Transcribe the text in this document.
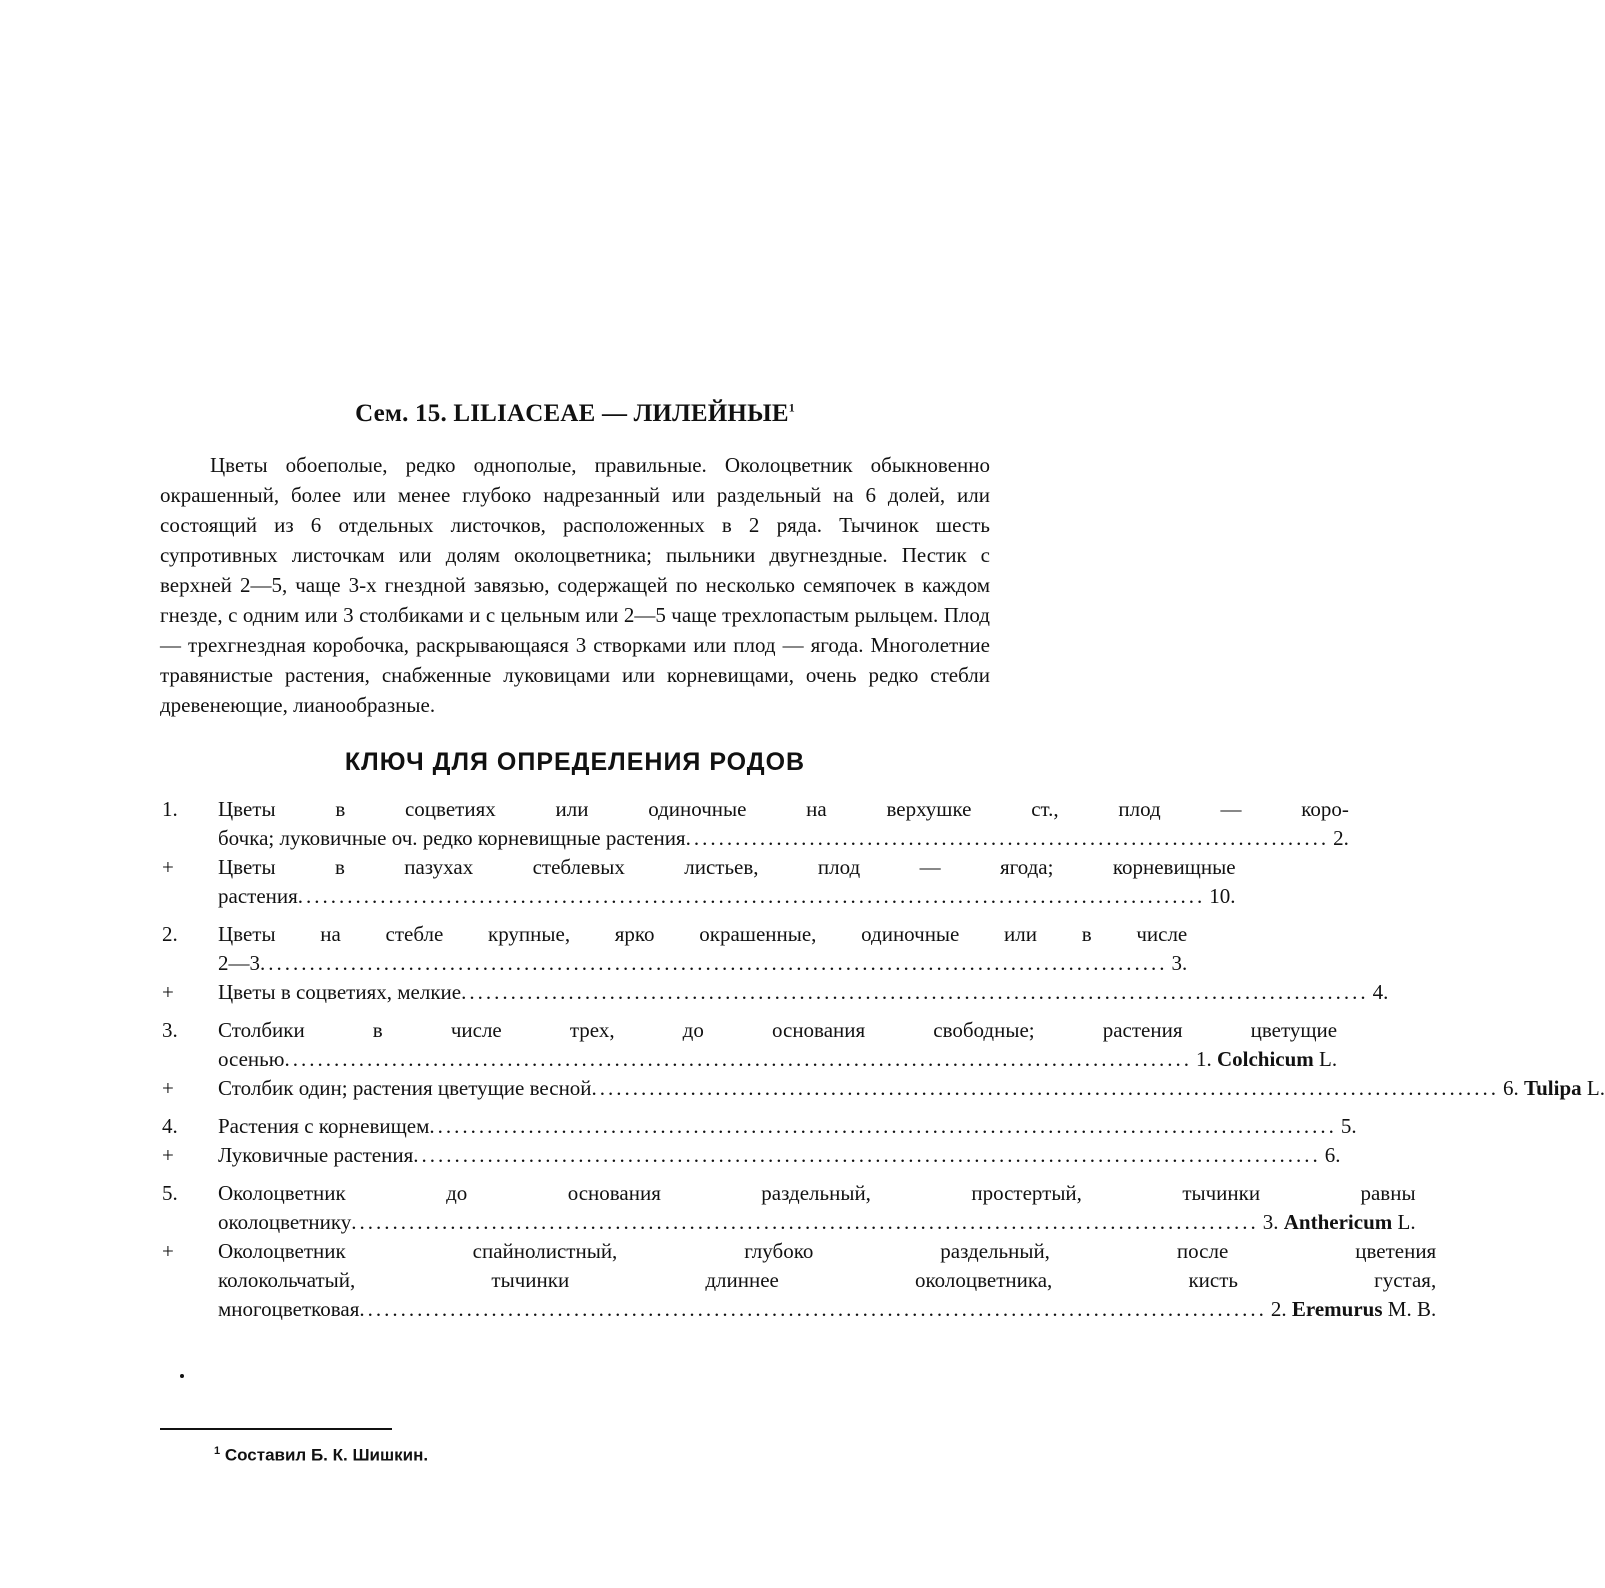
Сем. 15. LILIACEAE — ЛИЛЕЙНЫЕ$^1$

Цветы обоеполые, редко однополые, правильные. Околоцветник обыкновенно окрашенный, более или менее глубоко надрезанный или раздельный на 6 долей, или состоящий из 6 отдельных листочков, расположенных в 2 ряда. Тычинок шесть супротивных листочкам или долям околоцветника; пыльники двугнездные. Пестик с верхней 2—5, чаще 3-х гнездной завязью, содержащей по несколько семяпочек в каждом гнезде, с одним или 3 столбиками и с цельным или 2—5 чаще трехлопастым рыльцем. Плод — трехгнездная коробочка, раскрывающаяся 3 створками или плод — ягода. Многолетние травянистые растения, снабженные луковицами или корневищами, очень редко стебли древенеющие, лианообразные.

КЛЮЧ ДЛЯ ОПРЕДЕЛЕНИЯ РОДОВ
1.	Цветы в соцветиях или одиночные на верхушке ст., плод — коро-
бочка; луковичные оч. редко корневищные растения .............................................................................. 2.
+	Цветы в пазухах стеблевых листьев, плод — ягода; корневищные
растения .............................................................................................................. 10.
2.	Цветы на стебле крупные, ярко окрашенные, одиночные или в числе
2—3 .............................................................................................................. 3.
+	Цветы в соцветиях, мелкие .............................................................................................................. 4.
3.	Столбики в числе трех, до основания свободные; растения цветущие
осенью .............................................................................................................. 1. Colchicum L.
+	Столбик один; растения цветущие весной .............................................................................................................. 6. Tulipa L.
4.	Растения с корневищем .............................................................................................................. 5.
+	Луковичные растения .............................................................................................................. 6.
5.	Околоцветник до основания раздельный, простертый, тычинки равны
околоцветнику .............................................................................................................. 3. Anthericum L.
+	Околоцветник спайнолистный, глубоко раздельный, после цветения
колокольчатый, тычинки длиннее околоцветника, кисть густая,
многоцветковая .............................................................................................................. 2. Eremurus M. B.
$^1$ Составил Б. К. Шишкин.
